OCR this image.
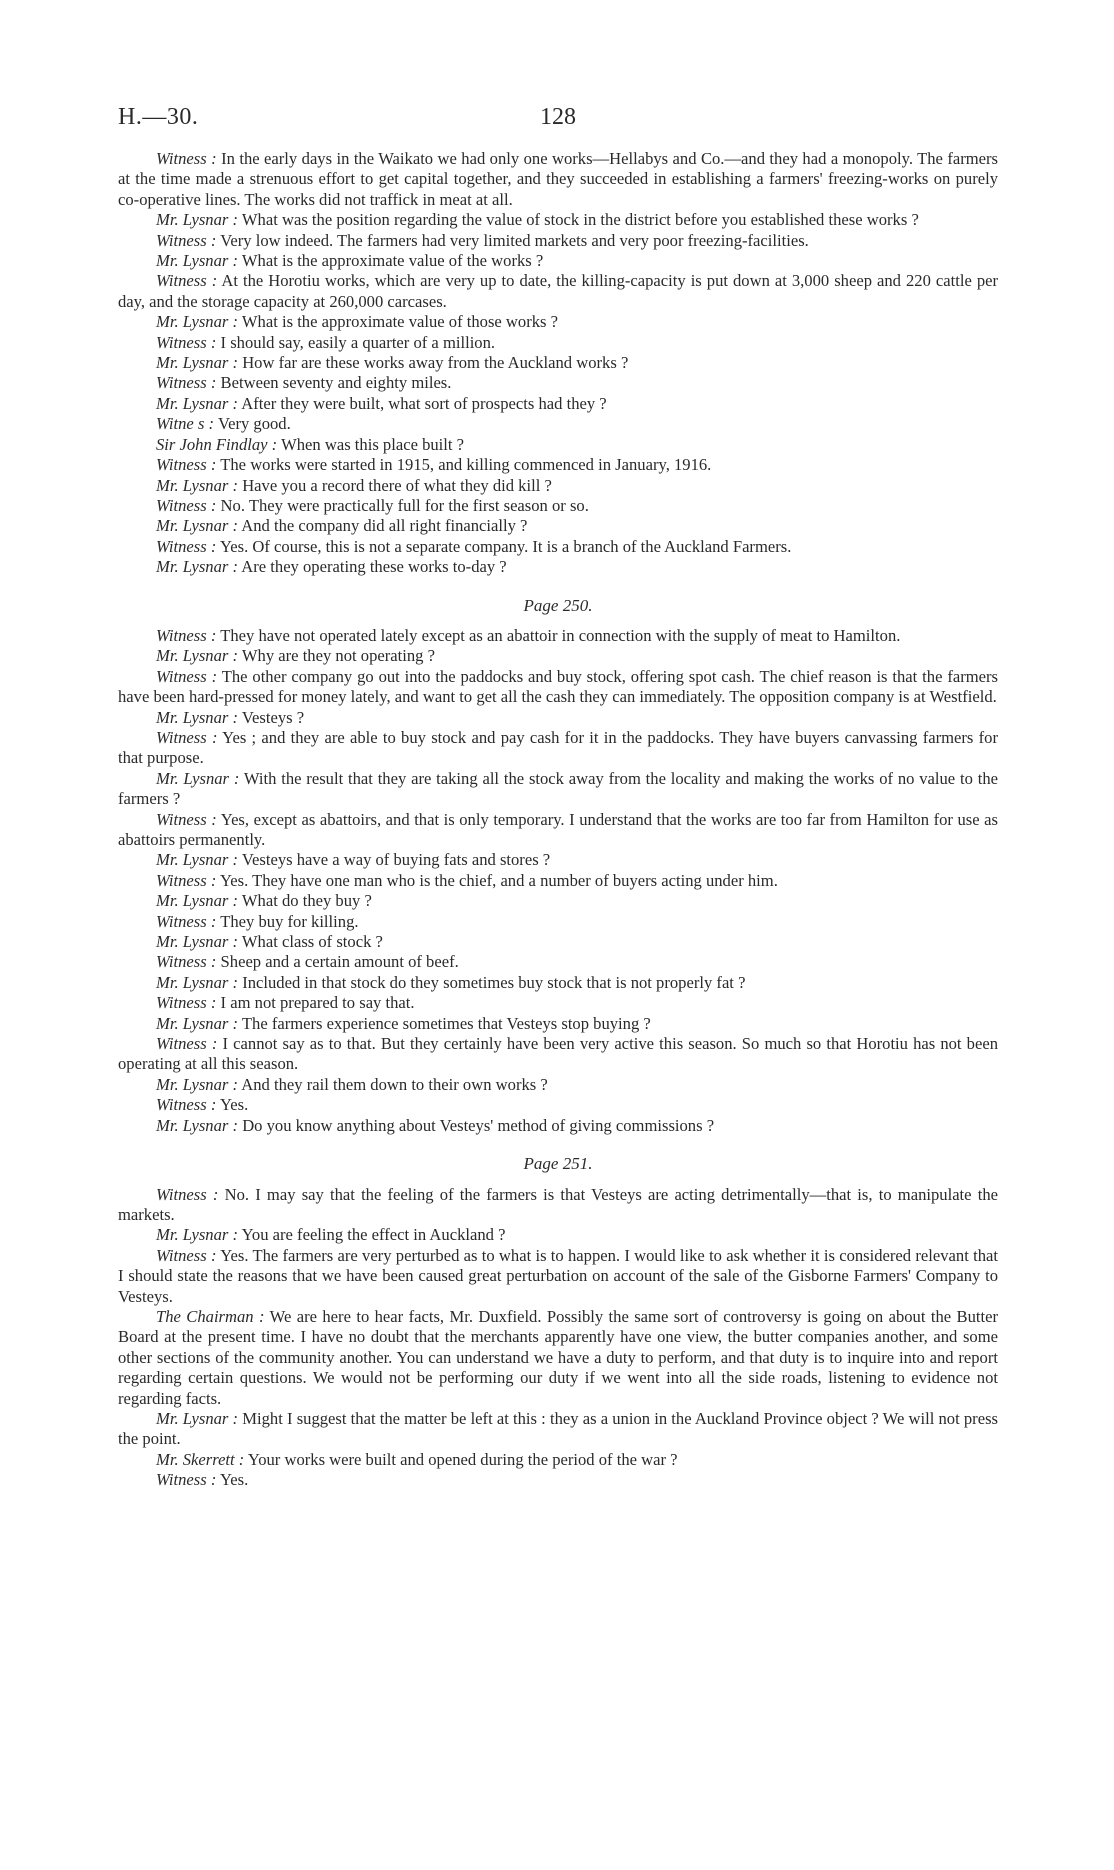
H.—30.	128

Witness : In the early days in the Waikato we had only one works—Hellabys and Co.—and they had a monopoly. The farmers at the time made a strenuous effort to get capital together, and they succeeded in establishing a farmers' freezing-works on purely co-operative lines. The works did not traffick in meat at all.

Mr. Lysnar : What was the position regarding the value of stock in the district before you established these works ?

Witness : Very low indeed. The farmers had very limited markets and very poor freezing-facilities.

Mr. Lysnar : What is the approximate value of the works ?

Witness : At the Horotiu works, which are very up to date, the killing-capacity is put down at 3,000 sheep and 220 cattle per day, and the storage capacity at 260,000 carcases.

Mr. Lysnar : What is the approximate value of those works ?

Witness : I should say, easily a quarter of a million.

Mr. Lysnar : How far are these works away from the Auckland works ?

Witness : Between seventy and eighty miles.

Mr. Lysnar : After they were built, what sort of prospects had they ?

Witne s : Very good.

Sir John Findlay : When was this place built ?

Witness : The works were started in 1915, and killing commenced in January, 1916.

Mr. Lysnar : Have you a record there of what they did kill ?

Witness : No. They were practically full for the first season or so.

Mr. Lysnar : And the company did all right financially ?

Witness : Yes. Of course, this is not a separate company. It is a branch of the Auckland Farmers.

Mr. Lysnar : Are they operating these works to-day ?

Page 250.

Witness : They have not operated lately except as an abattoir in connection with the supply of meat to Hamilton.

Mr. Lysnar : Why are they not operating ?

Witness : The other company go out into the paddocks and buy stock, offering spot cash. The chief reason is that the farmers have been hard-pressed for money lately, and want to get all the cash they can immediately. The opposition company is at Westfield.

Mr. Lysnar : Vesteys ?

Witness : Yes ; and they are able to buy stock and pay cash for it in the paddocks. They have buyers canvassing farmers for that purpose.

Mr. Lysnar : With the result that they are taking all the stock away from the locality and making the works of no value to the farmers ?

Witness : Yes, except as abattoirs, and that is only temporary. I understand that the works are too far from Hamilton for use as abattoirs permanently.

Mr. Lysnar : Vesteys have a way of buying fats and stores ?

Witness : Yes. They have one man who is the chief, and a number of buyers acting under him.

Mr. Lysnar : What do they buy ?

Witness : They buy for killing.

Mr. Lysnar : What class of stock ?

Witness : Sheep and a certain amount of beef.

Mr. Lysnar : Included in that stock do they sometimes buy stock that is not properly fat ?

Witness : I am not prepared to say that.

Mr. Lysnar : The farmers experience sometimes that Vesteys stop buying ?

Witness : I cannot say as to that. But they certainly have been very active this season. So much so that Horotiu has not been operating at all this season.

Mr. Lysnar : And they rail them down to their own works ?

Witness : Yes.

Mr. Lysnar : Do you know anything about Vesteys' method of giving commissions ?

Page 251.

Witness : No. I may say that the feeling of the farmers is that Vesteys are acting detrimentally—that is, to manipulate the markets.

Mr. Lysnar : You are feeling the effect in Auckland ?

Witness : Yes. The farmers are very perturbed as to what is to happen. I would like to ask whether it is considered relevant that I should state the reasons that we have been caused great perturbation on account of the sale of the Gisborne Farmers' Company to Vesteys.

The Chairman : We are here to hear facts, Mr. Duxfield. Possibly the same sort of controversy is going on about the Butter Board at the present time. I have no doubt that the merchants apparently have one view, the butter companies another, and some other sections of the community another. You can understand we have a duty to perform, and that duty is to inquire into and report regarding certain questions. We would not be performing our duty if we went into all the side roads, listening to evidence not regarding facts.

Mr. Lysnar : Might I suggest that the matter be left at this : they as a union in the Auckland Province object ? We will not press the point.

Mr. Skerrett : Your works were built and opened during the period of the war ?

Witness : Yes.
